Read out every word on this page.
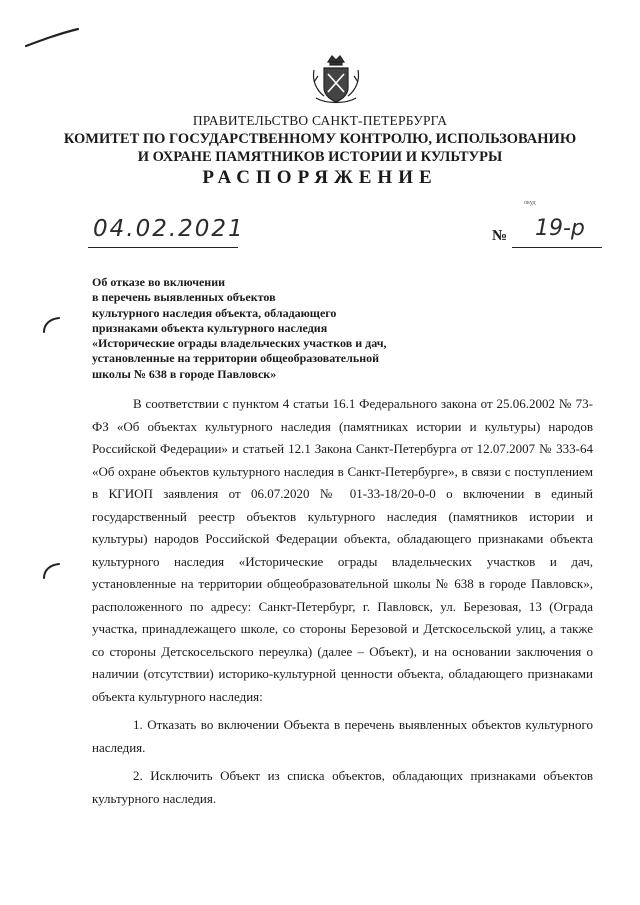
ПРАВИТЕЛЬСТВО САНКТ-ПЕТЕРБУРГА
КОМИТЕТ ПО ГОСУДАРСТВЕННОМУ КОНТРОЛЮ, ИСПОЛЬЗОВАНИЮ
И ОХРАНЕ ПАМЯТНИКОВ ИСТОРИИ И КУЛЬТУРЫ
РАСПОРЯЖЕНИЕ
окуд
04.02.2021	№ 19-р
Об отказе во включении
в перечень выявленных объектов
культурного наследия объекта, обладающего
признаками объекта культурного наследия
«Исторические ограды владельческих участков и дач,
установленные на территории общеобразовательной
школы № 638 в городе Павловск»

В соответствии с пунктом 4 статьи 16.1 Федерального закона от 25.06.2002 № 73-ФЗ «Об объектах культурного наследия (памятниках истории и культуры) народов Российской Федерации» и статьей 12.1 Закона Санкт-Петербурга от 12.07.2007 № 333-64 «Об охране объектов культурного наследия в Санкт-Петербурге», в связи с поступлением в КГИОП заявления от 06.07.2020 № 01-33-18/20-0-0 о включении в единый государственный реестр объектов культурного наследия (памятников истории и культуры) народов Российской Федерации объекта, обладающего признаками объекта культурного наследия «Исторические ограды владельческих участков и дач, установленные на территории общеобразовательной школы № 638 в городе Павловск», расположенного по адресу: Санкт-Петербург, г. Павловск, ул. Березовая, 13 (Ограда участка, принадлежащего школе, со стороны Березовой и Детскосельской улиц, а также со стороны Детскосельского переулка) (далее – Объект), и на основании заключения о наличии (отсутствии) историко-культурной ценности объекта, обладающего признаками объекта культурного наследия:

1. Отказать во включении Объекта в перечень выявленных объектов культурного наследия.

2. Исключить Объект из списка объектов, обладающих признаками объектов культурного наследия.
